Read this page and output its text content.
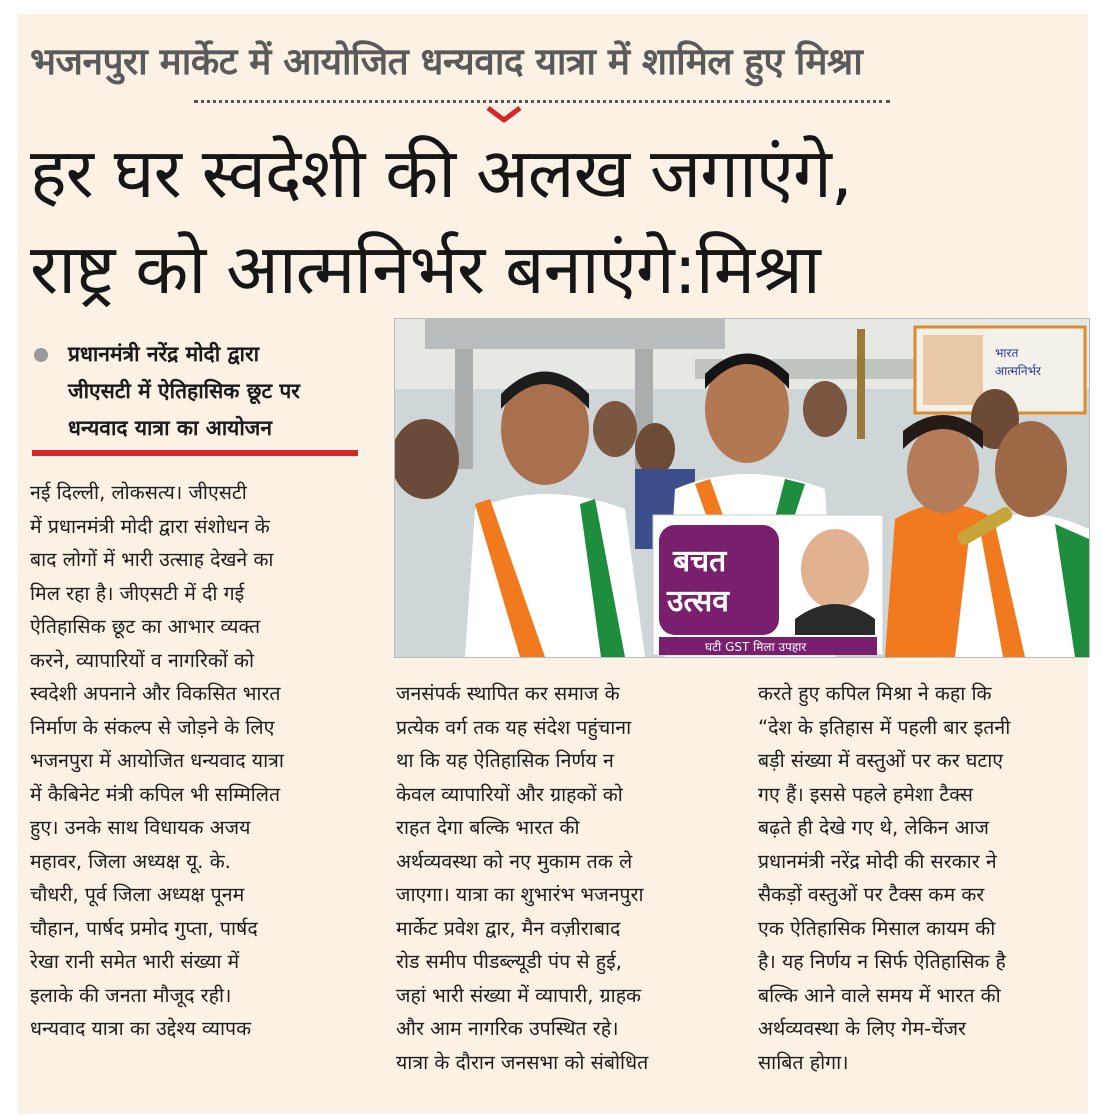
भजनपुरा मार्केट में आयोजित धन्यवाद यात्रा में शामिल हुए मिश्रा
हर घर स्वदेशी की अलख जगाएंगे,
राष्ट्र को आत्मनिर्भर बनाएंगे:मिश्रा
प्रधानमंत्री नरेंद्र मोदी द्वारा
जीएसटी में ऐतिहासिक छूट पर
धन्यवाद यात्रा का आयोजन
भारत
आत्मनिर्भर
बचत
उत्सव
घटी GST मिला उपहार
नई दिल्ली, लोकसत्य। जीएसटी
में प्रधानमंत्री मोदी द्वारा संशोधन के
बाद लोगों में भारी उत्साह देखने का
मिल रहा है। जीएसटी में दी गई
ऐतिहासिक छूट का आभार व्यक्त
करने, व्यापारियों व नागरिकों को
स्वदेशी अपनाने और विकसित भारत
निर्माण के संकल्प से जोड़ने के लिए
भजनपुरा में आयोजित धन्यवाद यात्रा
में कैबिनेट मंत्री कपिल भी सम्मिलित
हुए। उनके साथ विधायक अजय
महावर, जिला अध्यक्ष यू. के.
चौधरी, पूर्व जिला अध्यक्ष पूनम
चौहान, पार्षद प्रमोद गुप्ता, पार्षद
रेखा रानी समेत भारी संख्या में
इलाके की जनता मौजूद रही।
धन्यवाद यात्रा का उद्देश्य व्यापक
जनसंपर्क स्थापित कर समाज के
प्रत्येक वर्ग तक यह संदेश पहुंचाना
था कि यह ऐतिहासिक निर्णय न
केवल व्यापारियों और ग्राहकों को
राहत देगा बल्कि भारत की
अर्थव्यवस्था को नए मुकाम तक ले
जाएगा। यात्रा का शुभारंभ भजनपुरा
मार्केट प्रवेश द्वार, मैन वज़ीराबाद
रोड समीप पीडब्ल्यूडी पंप से हुई,
जहां भारी संख्या में व्यापारी, ग्राहक
और आम नागरिक उपस्थित रहे।
यात्रा के दौरान जनसभा को संबोधित
करते हुए कपिल मिश्रा ने कहा कि
“देश के इतिहास में पहली बार इतनी
बड़ी संख्या में वस्तुओं पर कर घटाए
गए हैं। इससे पहले हमेशा टैक्स
बढ़ते ही देखे गए थे, लेकिन आज
प्रधानमंत्री नरेंद्र मोदी की सरकार ने
सैकड़ों वस्तुओं पर टैक्स कम कर
एक ऐतिहासिक मिसाल कायम की
है। यह निर्णय न सिर्फ ऐतिहासिक है
बल्कि आने वाले समय में भारत की
अर्थव्यवस्था के लिए गेम-चेंजर
साबित होगा।
